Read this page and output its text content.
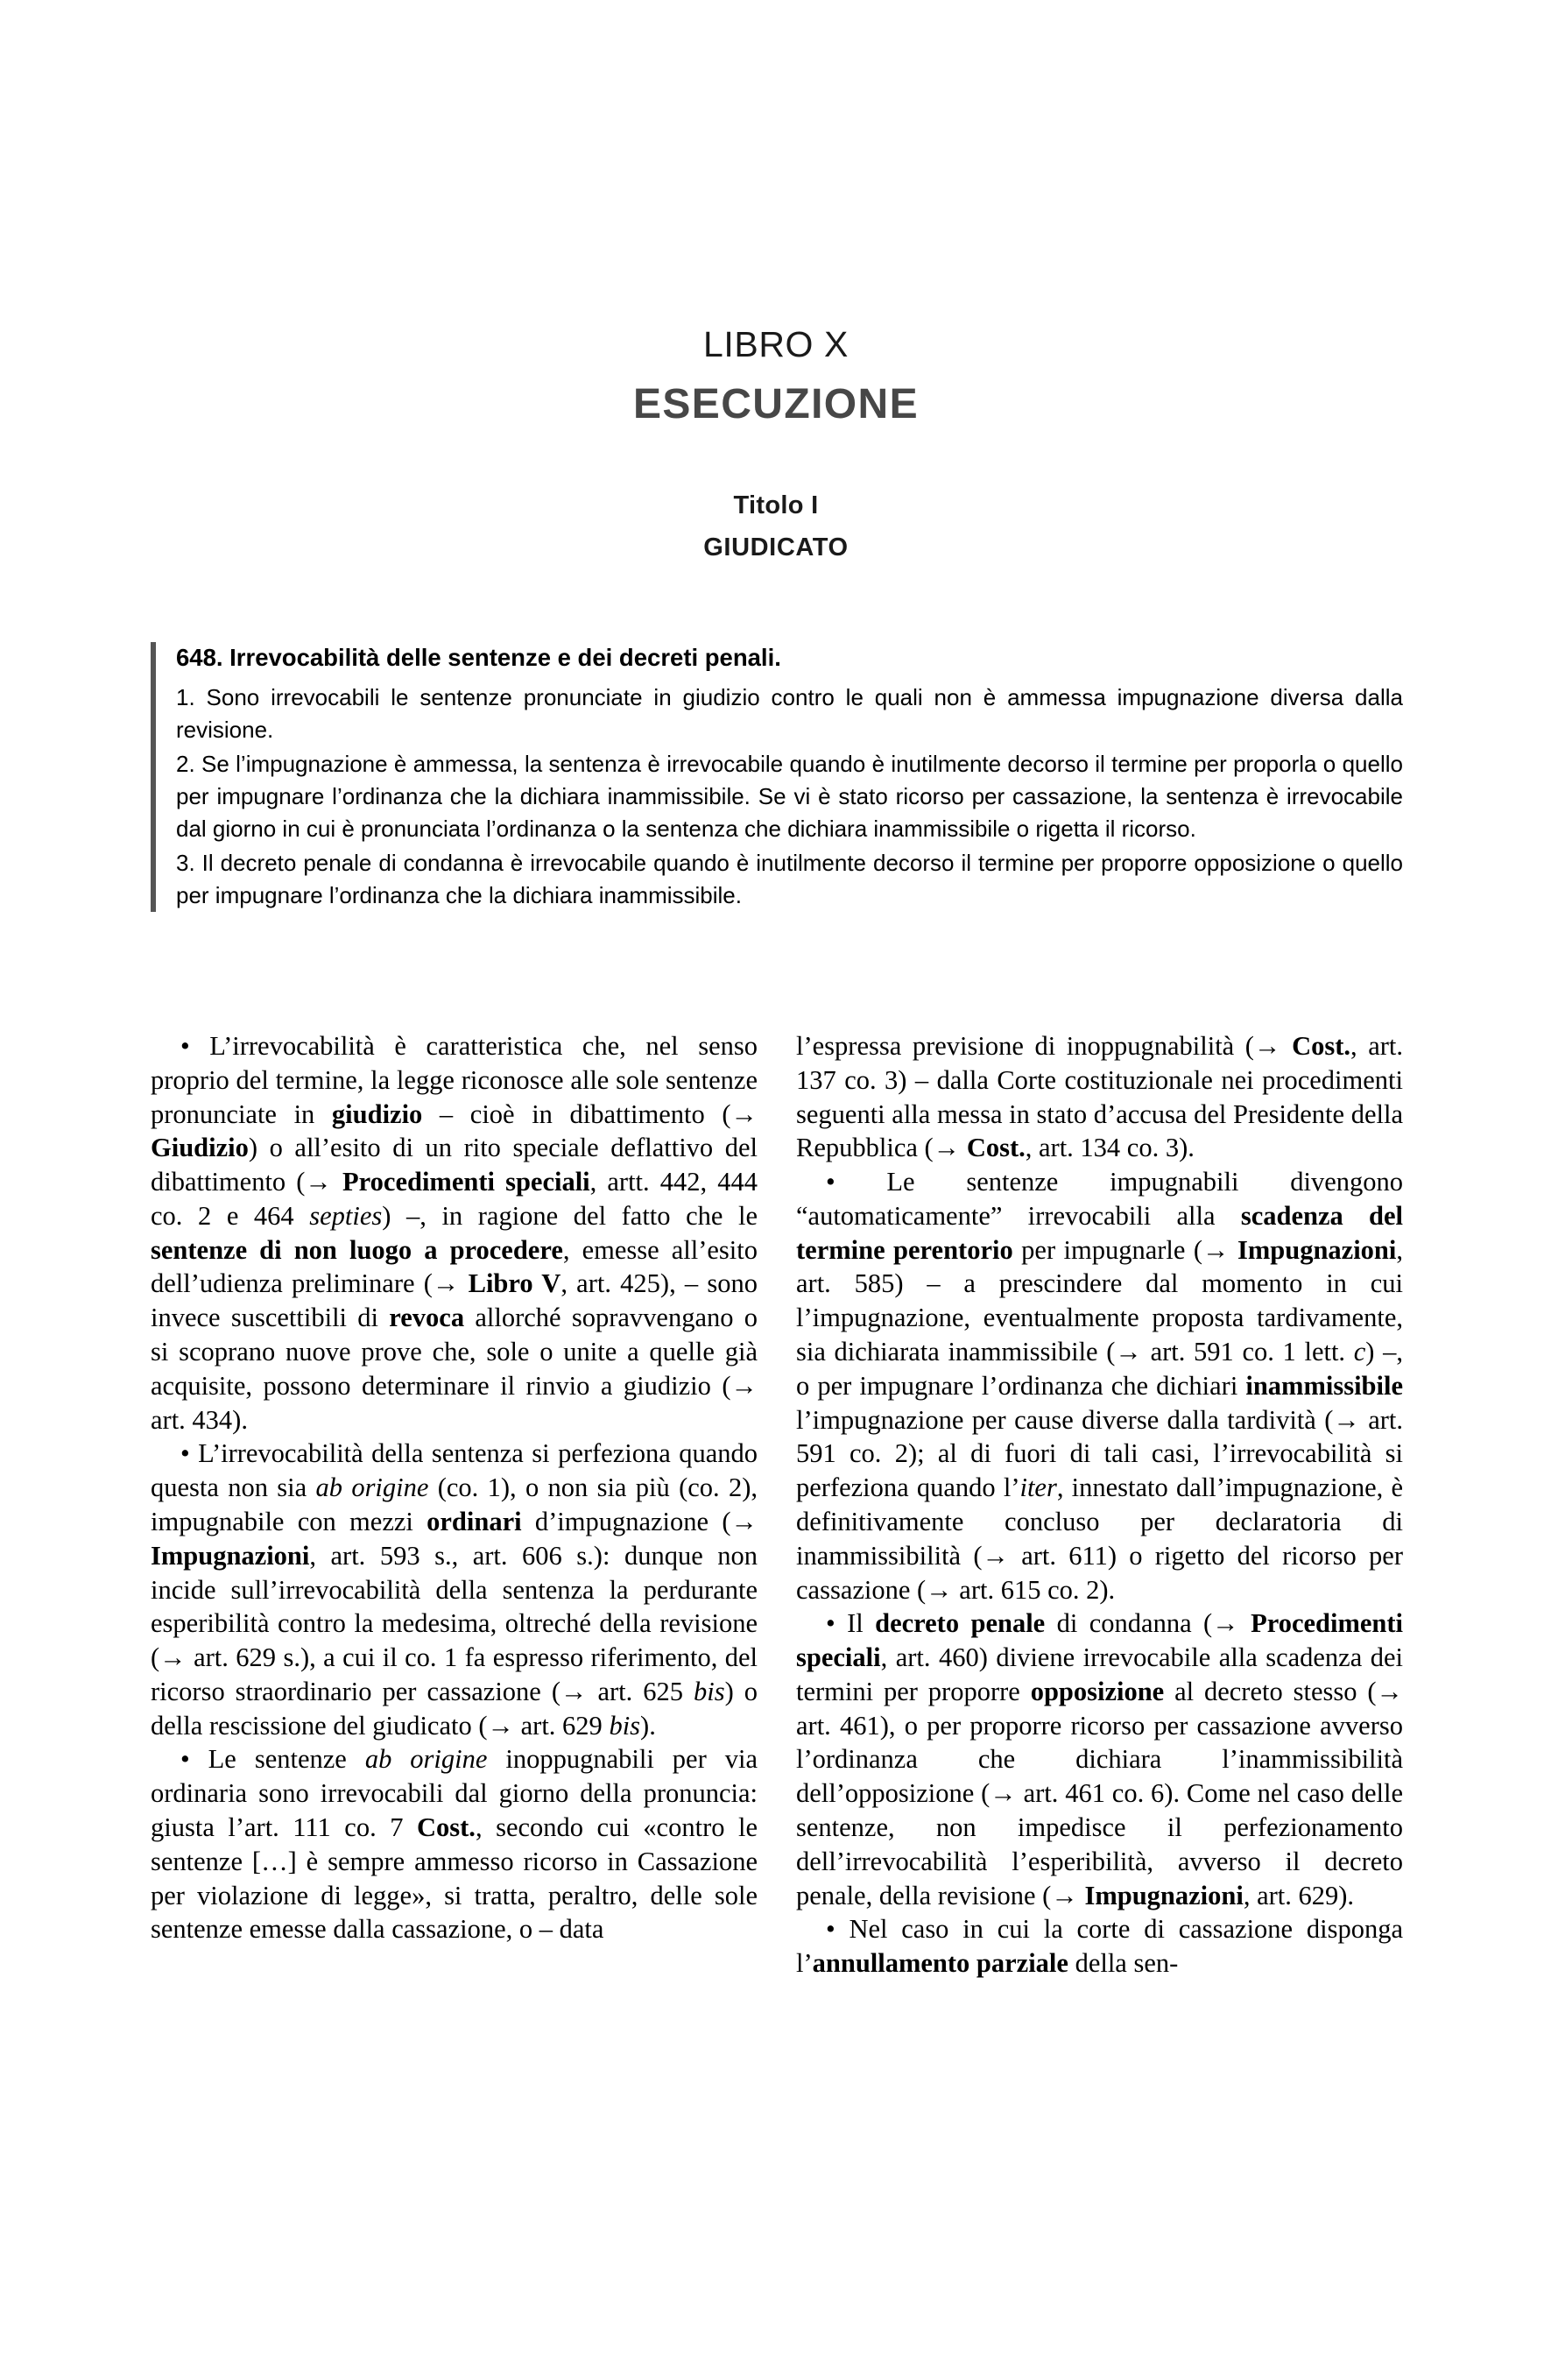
LIBRO X
ESECUZIONE
Titolo I
GIUDICATO
648. Irrevocabilità delle sentenze e dei decreti penali.

1. Sono irrevocabili le sentenze pronunciate in giudizio contro le quali non è ammessa impugnazione diversa dalla revisione.

2. Se l’impugnazione è ammessa, la sentenza è irrevocabile quando è inutilmente decorso il termine per proporla o quello per impugnare l’ordinanza che la dichiara inammissibile. Se vi è stato ricorso per cassazione, la sentenza è irrevocabile dal giorno in cui è pronunciata l’ordinanza o la sentenza che dichiara inammissibile o rigetta il ricorso.

3. Il decreto penale di condanna è irrevocabile quando è inutilmente decorso il termine per proporre opposizione o quello per impugnare l’ordinanza che la dichiara inammissibile.

• L’irrevocabilità è caratteristica che, nel senso proprio del termine, la legge riconosce alle sole sentenze pronunciate in giudizio – cioè in dibattimento (→ Giudizio) o all’esito di un rito speciale deflattivo del dibattimento (→ Procedimenti speciali, artt. 442, 444 co. 2 e 464 septies) –, in ragione del fatto che le sentenze di non luogo a procedere, emesse all’esito dell’udienza preliminare (→ Libro V, art. 425), – sono invece suscettibili di revoca allorché sopravvengano o si scoprano nuove prove che, sole o unite a quelle già acquisite, possono determinare il rinvio a giudizio (→ art. 434).

• L’irrevocabilità della sentenza si perfeziona quando questa non sia ab origine (co. 1), o non sia più (co. 2), impugnabile con mezzi ordinari d’impugnazione (→ Impugnazioni, art. 593 s., art. 606 s.): dunque non incide sull’irrevocabilità della sentenza la perdurante esperibilità contro la medesima, oltreché della revisione (→ art. 629 s.), a cui il co. 1 fa espresso riferimento, del ricorso straordinario per cassazione (→ art. 625 bis) o della rescissione del giudicato (→ art. 629 bis).

• Le sentenze ab origine inoppugnabili per via ordinaria sono irrevocabili dal giorno della pronuncia: giusta l’art. 111 co. 7 Cost., secondo cui «contro le sentenze […] è sempre ammesso ricorso in Cassazione per violazione di legge», si tratta, peraltro, delle sole sentenze emesse dalla cassazione, o – data

l’espressa previsione di inoppugnabilità (→ Cost., art. 137 co. 3) – dalla Corte costituzionale nei procedimenti seguenti alla messa in stato d’accusa del Presidente della Repubblica (→ Cost., art. 134 co. 3).

• Le sentenze impugnabili divengono “automaticamente” irrevocabili alla scadenza del termine perentorio per impugnarle (→ Impugnazioni, art. 585) – a prescindere dal momento in cui l’impugnazione, eventualmente proposta tardivamente, sia dichiarata inammissibile (→ art. 591 co. 1 lett. c) –, o per impugnare l’ordinanza che dichiari inammissibile l’impugnazione per cause diverse dalla tardività (→ art. 591 co. 2); al di fuori di tali casi, l’irrevocabilità si perfeziona quando l’iter, innestato dall’impugnazione, è definitivamente concluso per declaratoria di inammissibilità (→ art. 611) o rigetto del ricorso per cassazione (→ art. 615 co. 2).

• Il decreto penale di condanna (→ Procedimenti speciali, art. 460) diviene irrevocabile alla scadenza dei termini per proporre opposizione al decreto stesso (→ art. 461), o per proporre ricorso per cassazione avverso l’ordinanza che dichiara l’inammissibilità dell’opposizione (→ art. 461 co. 6). Come nel caso delle sentenze, non impedisce il perfezionamento dell’irrevocabilità l’esperibilità, avverso il decreto penale, della revisione (→ Impugnazioni, art. 629).

• Nel caso in cui la corte di cassazione disponga l’annullamento parziale della sen-
